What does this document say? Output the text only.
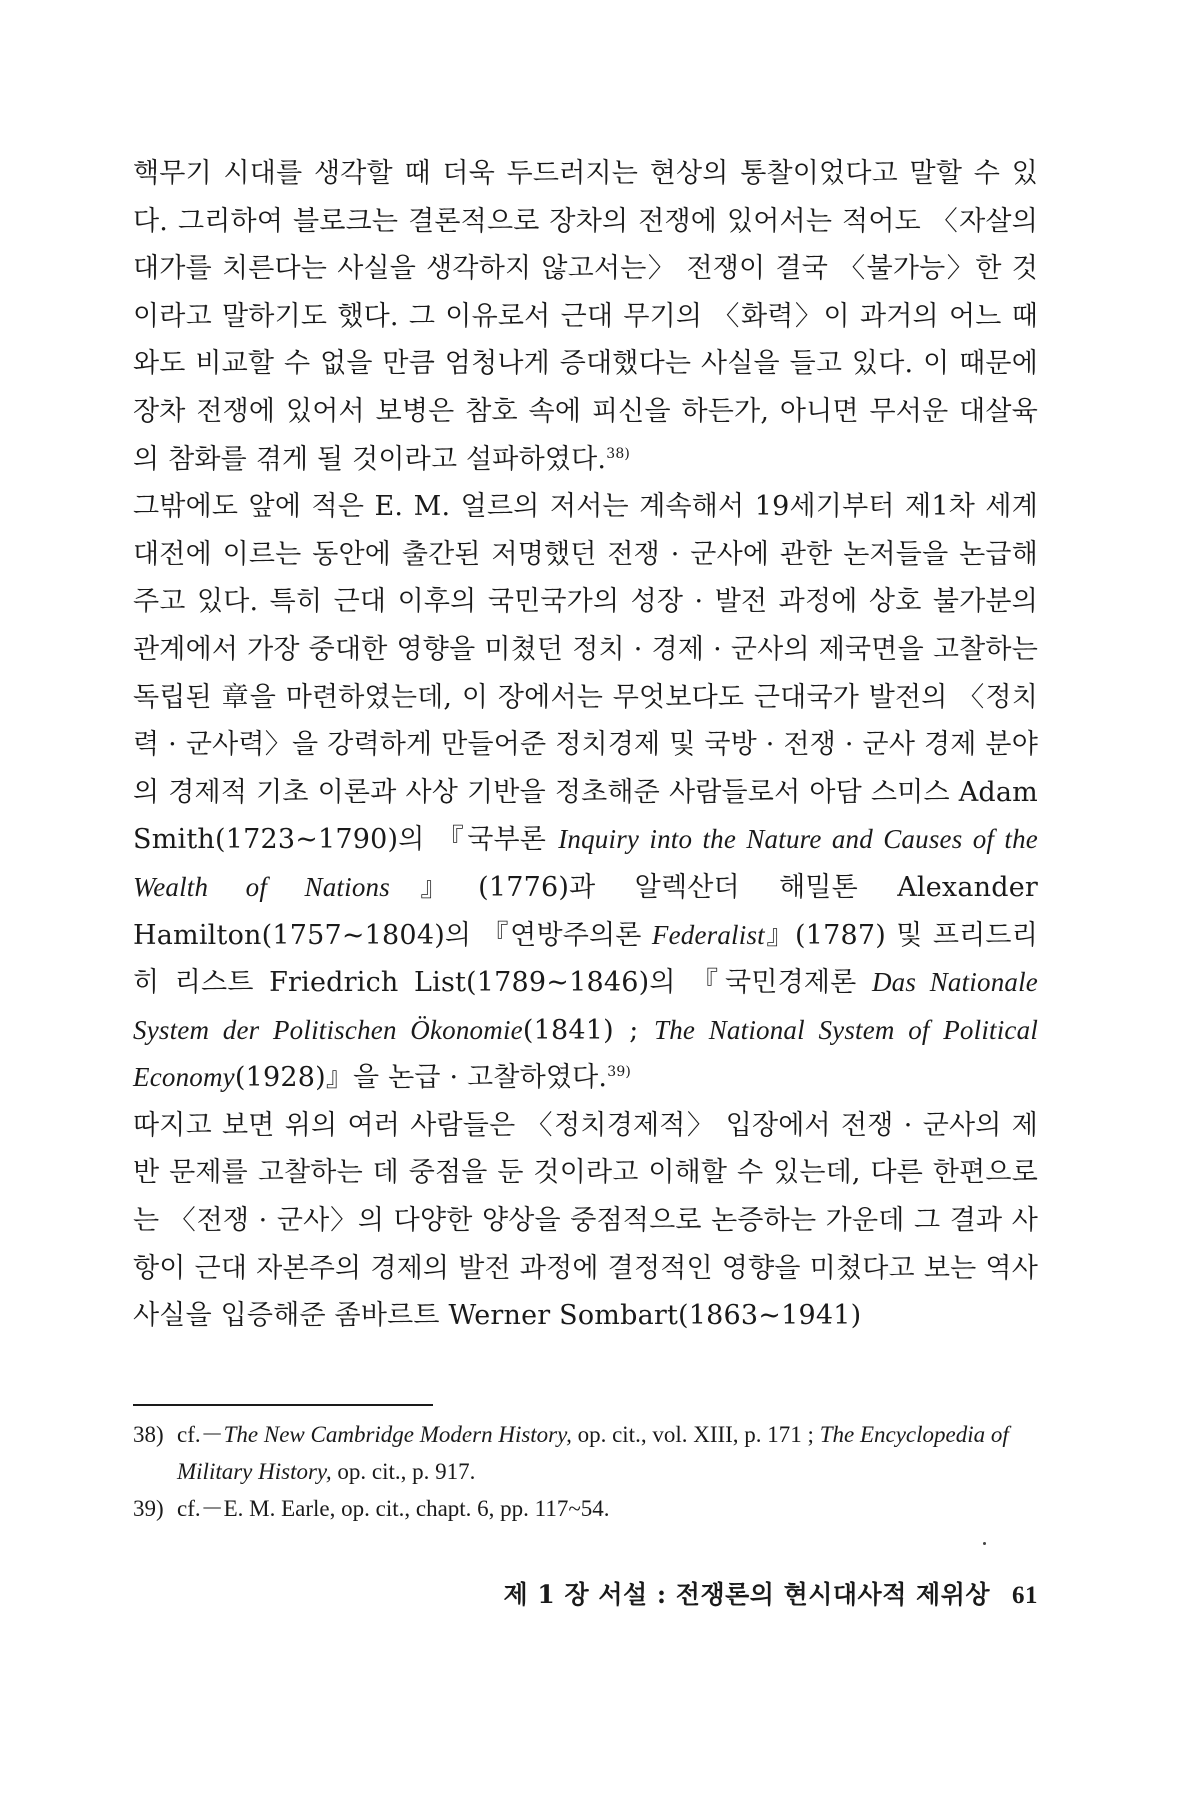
핵무기 시대를 생각할 때 더욱 두드러지는 현상의 통찰이었다고 말할 수 있다. 그리하여 블로크는 결론적으로 장차의 전쟁에 있어서는 적어도 〈자살의 대가를 치른다는 사실을 생각하지 않고서는〉 전쟁이 결국 〈불가능〉한 것이라고 말하기도 했다. 그 이유로서 근대 무기의 〈화력〉이 과거의 어느 때와도 비교할 수 없을 만큼 엄청나게 증대했다는 사실을 들고 있다. 이 때문에 장차 전쟁에 있어서 보병은 참호 속에 피신을 하든가, 아니면 무서운 대살육의 참화를 겪게 될 것이라고 설파하였다.$^{38)}$

그밖에도 앞에 적은 E. M. 얼르의 저서는 계속해서 19세기부터 제1차 세계대전에 이르는 동안에 출간된 저명했던 전쟁 · 군사에 관한 논저들을 논급해주고 있다. 특히 근대 이후의 국민국가의 성장 · 발전 과정에 상호 불가분의 관계에서 가장 중대한 영향을 미쳤던 정치 · 경제 · 군사의 제국면을 고찰하는 독립된 章을 마련하였는데, 이 장에서는 무엇보다도 근대국가 발전의 〈정치력 · 군사력〉을 강력하게 만들어준 정치경제 및 국방 · 전쟁 · 군사 경제 분야의 경제적 기초 이론과 사상 기반을 정초해준 사람들로서 아담 스미스 Adam Smith(1723~1790)의 『국부론 Inquiry into the Nature and Causes of the Wealth of Nations』(1776)과 알렉산더 해밀톤 Alexander Hamilton(1757~1804)의 『연방주의론 Federalist』(1787) 및 프리드리히 리스트 Friedrich List(1789~1846)의 『국민경제론 Das Nationale System der Politischen Ökonomie(1841) ; The National System of Political Economy(1928)』을 논급 · 고찰하였다.$^{39)}$

따지고 보면 위의 여러 사람들은 〈정치경제적〉 입장에서 전쟁 · 군사의 제반 문제를 고찰하는 데 중점을 둔 것이라고 이해할 수 있는데, 다른 한편으로는 〈전쟁 · 군사〉의 다양한 양상을 중점적으로 논증하는 가운데 그 결과 사항이 근대 자본주의 경제의 발전 과정에 결정적인 영향을 미쳤다고 보는 역사 사실을 입증해준 좀바르트 Werner Sombart(1863~1941)

38) cf.－The New Cambridge Modern History, op. cit., vol. XIII, p. 171 ; The Encyclopedia of Military History, op. cit., p. 917.

39) cf.－E. M. Earle, op. cit., chapt. 6, pp. 117~54.

제 1 장 서설 : 전쟁론의 현시대사적 제위상 61
